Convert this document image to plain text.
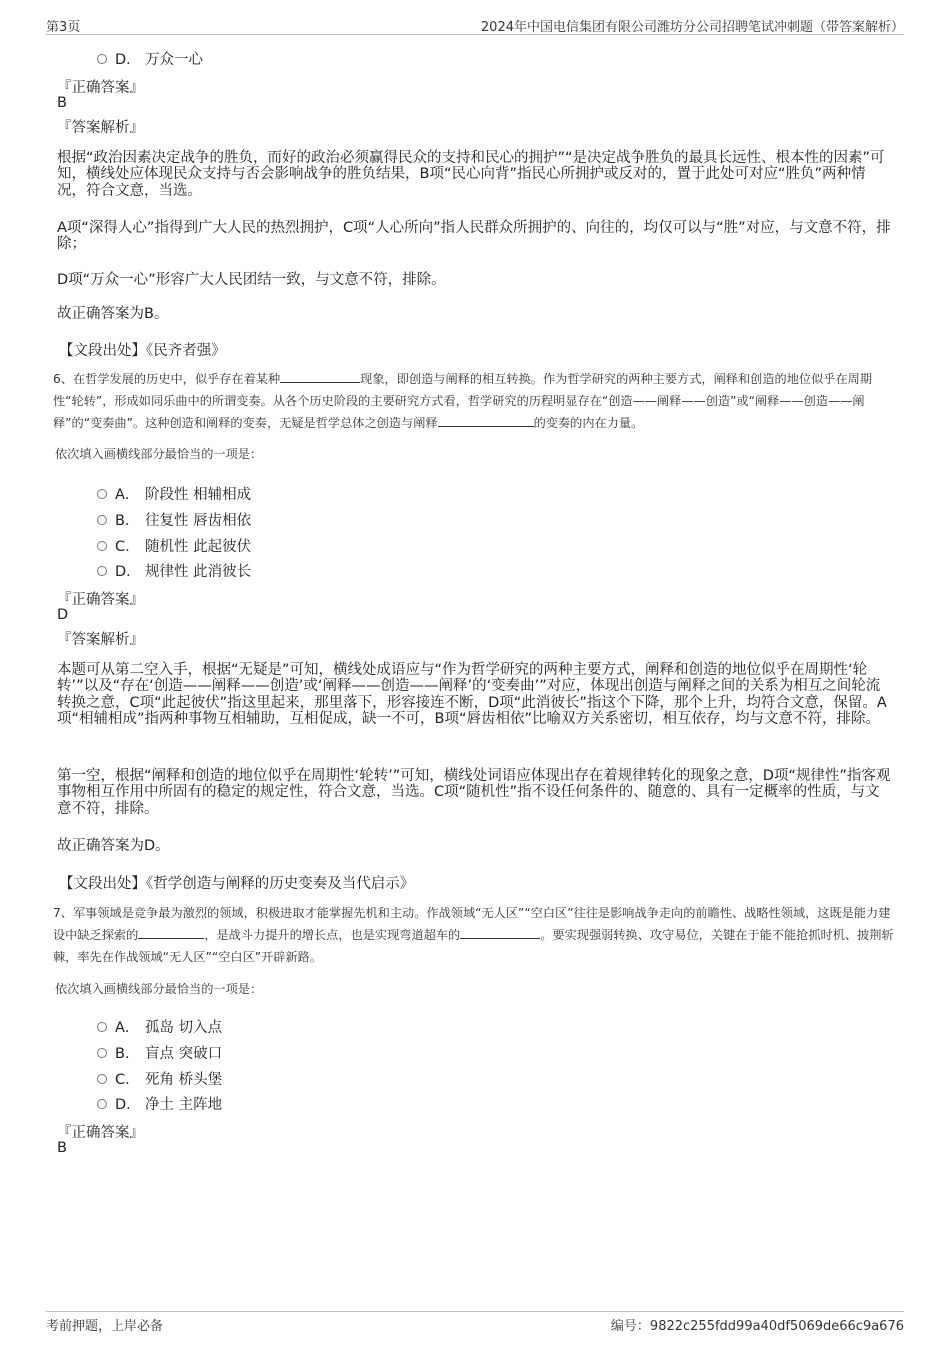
第3页	2024年中国电信集团有限公司潍坊分公司招聘笔试冲刺题（带答案解析）
D． 万众一心
『正确答案』
B
『答案解析』
根据“政治因素决定战争的胜负，而好的政治必须赢得民众的支持和民心的拥护”“是决定战争胜负的最具长远性、根本性的因素”可知，横线处应体现民众支持与否会影响战争的胜负结果，B项“民心向背”指民心所拥护或反对的，置于此处可对应“胜负”两种情况，符合文意，当选。
A项“深得人心”指得到广大人民的热烈拥护，C项“人心所向”指人民群众所拥护的、向往的，均仅可以与“胜”对应，与文意不符，排除；
D项“万众一心”形容广大人民团结一致，与文意不符，排除。
故正确答案为B。
【文段出处】《民齐者强》
6、在哲学发展的历史中，似乎存在着某种	现象，即创造与阐释的相互转换。作为哲学研究的两种主要方式，阐释和创造的地位似乎在周期性“轮转”，形成如同乐曲中的所谓变奏。从各个历史阶段的主要研究方式看，哲学研究的历程明显存在“创造——阐释——创造”或“阐释——创造——阐释”的“变奏曲”。这种创造和阐释的变奏，无疑是哲学总体之创造与阐释	的变奏的内在力量。
依次填入画横线部分最恰当的一项是：
A． 阶段性 相辅相成
B． 往复性 唇齿相依
C． 随机性 此起彼伏
D． 规律性 此消彼长
『正确答案』
D
『答案解析』
本题可从第二空入手，根据“无疑是”可知，横线处成语应与“作为哲学研究的两种主要方式，阐释和创造的地位似乎在周期性‘轮转’”以及“存在‘创造——阐释——创造’或‘阐释——创造——阐释’的‘变奏曲’”对应，体现出创造与阐释之间的关系为相互之间轮流转换之意，C项“此起彼伏”指这里起来，那里落下，形容接连不断，D项“此消彼长”指这个下降，那个上升，均符合文意，保留。A项“相辅相成”指两种事物互相辅助，互相促成，缺一不可，B项“唇齿相依”比喻双方关系密切，相互依存，均与文意不符，排除。
第一空，根据“阐释和创造的地位似乎在周期性‘轮转’”可知，横线处词语应体现出存在着规律转化的现象之意，D项“规律性”指客观事物相互作用中所固有的稳定的规定性，符合文意，当选。C项“随机性”指不设任何条件的、随意的、具有一定概率的性质，与文意不符，排除。
故正确答案为D。
【文段出处】《哲学创造与阐释的历史变奏及当代启示》
7、军事领域是竞争最为激烈的领域，积极进取才能掌握先机和主动。作战领域“无人区”“空白区”往往是影响战争走向的前瞻性、战略性领域，这既是能力建设中缺乏探索的	，是战斗力提升的增长点，也是实现弯道超车的	。要实现强弱转换、攻守易位，关键在于能不能抢抓时机、披荆斩棘，率先在作战领域“无人区”“空白区”开辟新路。
依次填入画横线部分最恰当的一项是：
A． 孤岛 切入点
B． 盲点 突破口
C． 死角 桥头堡
D． 净土 主阵地
『正确答案』
B
考前押题，上岸必备	编号：9822c255fdd99a40df5069de66c9a676
